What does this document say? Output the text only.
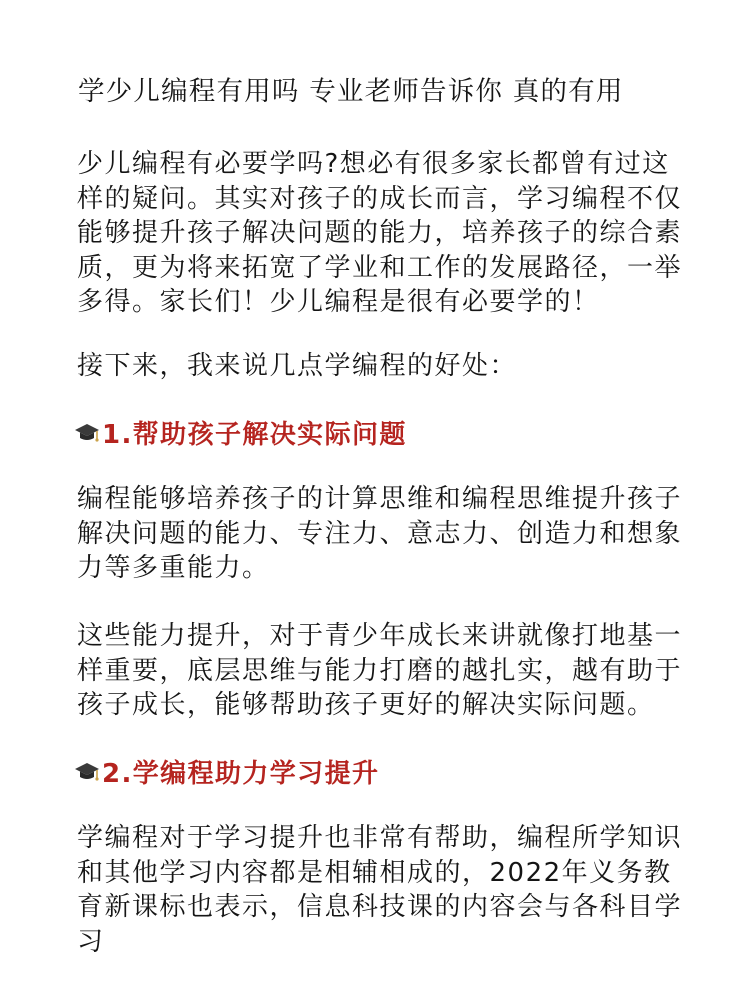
学少儿编程有用吗 专业老师告诉你 真的有用

少儿编程有必要学吗?想必有很多家长都曾有过这样的疑问。其实对孩子的成长而言，学习编程不仅能够提升孩子解决问题的能力，培养孩子的综合素质，更为将来拓宽了学业和工作的发展路径，一举多得。家长们！少儿编程是很有必要学的！

接下来，我来说几点学编程的好处：

1.帮助孩子解决实际问题

编程能够培养孩子的计算思维和编程思维提升孩子解决问题的能力、专注力、意志力、创造力和想象力等多重能力。

这些能力提升，对于青少年成长来讲就像打地基一样重要，底层思维与能力打磨的越扎实，越有助于孩子成长，能够帮助孩子更好的解决实际问题。

2.学编程助力学习提升

学编程对于学习提升也非常有帮助，编程所学知识和其他学习内容都是相辅相成的，2022年义务教育新课标也表示，信息科技课的内容会与各科目学习
